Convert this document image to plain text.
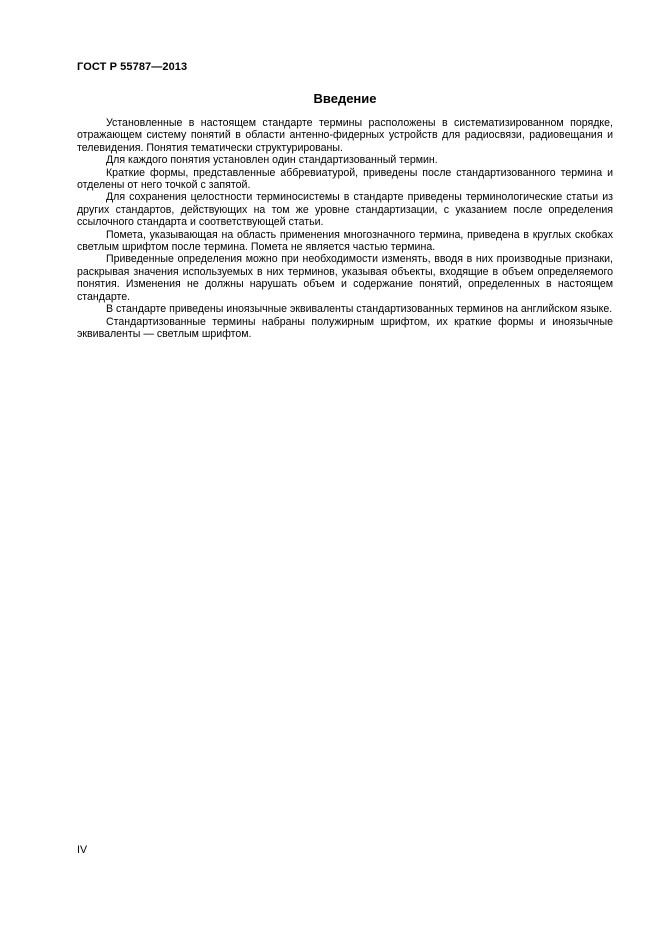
ГОСТ Р 55787—2013
Введение

Установленные в настоящем стандарте термины расположены в систематизированном порядке, отражающем систему понятий в области антенно-фидерных устройств для радиосвязи, радиовещания и телевидения. Понятия тематически структурированы.

Для каждого понятия установлен один стандартизованный термин.

Краткие формы, представленные аббревиатурой, приведены после стандартизованного термина и отделены от него точкой с запятой.

Для сохранения целостности терминосистемы в стандарте приведены терминологические статьи из других стандартов, действующих на том же уровне стандартизации, с указанием после определения ссылочного стандарта и соответствующей статьи.

Помета, указывающая на область применения многозначного термина, приведена в круглых скобках светлым шрифтом после термина. Помета не является частью термина.

Приведенные определения можно при необходимости изменять, вводя в них производные признаки, раскрывая значения используемых в них терминов, указывая объекты, входящие в объем определяемого понятия. Изменения не должны нарушать объем и содержание понятий, определенных в настоящем стандарте.

В стандарте приведены иноязычные эквиваленты стандартизованных терминов на английском языке.

Стандартизованные термины набраны полужирным шрифтом, их краткие формы и иноязычные эквиваленты — светлым шрифтом.

IV
